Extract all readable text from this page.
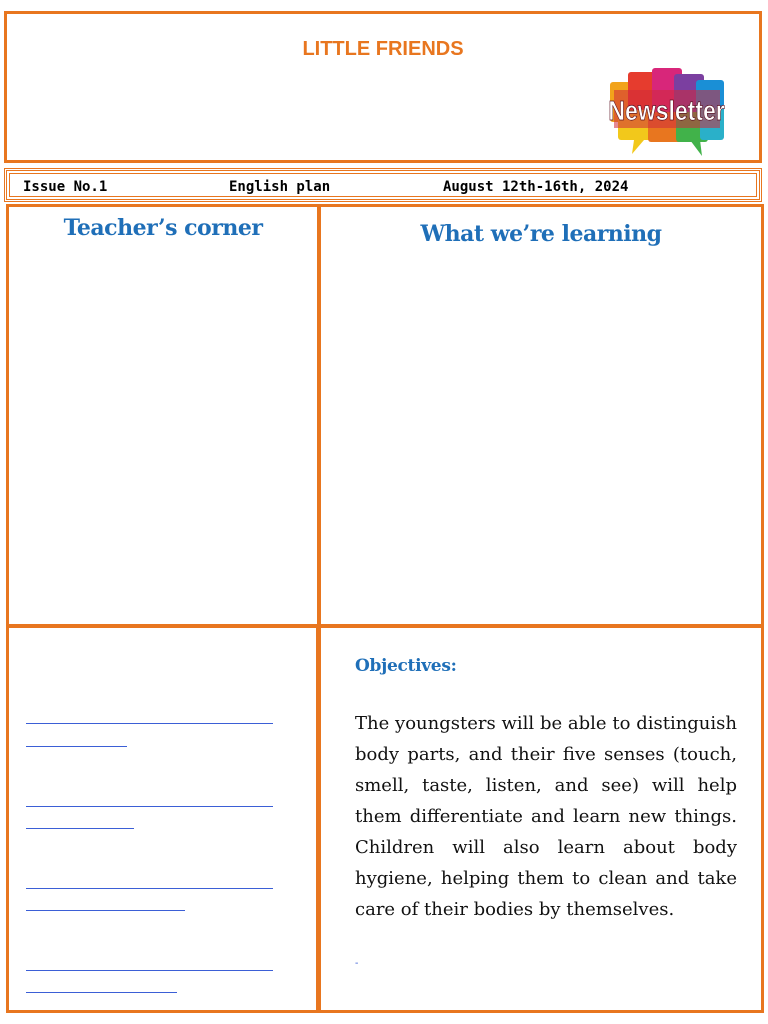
LITTLE FRIENDS
Newsletter
Issue No.1	English plan	August 12th-16th, 2024
Teacher’s corner	What we’re learning
Objectives:

The youngsters will be able to distinguish body parts, and their five senses (touch, smell, taste, listen, and see) will help them differentiate and learn new things. Children will also learn about body hygiene, helping them to clean and take care of their bodies by themselves.

-
